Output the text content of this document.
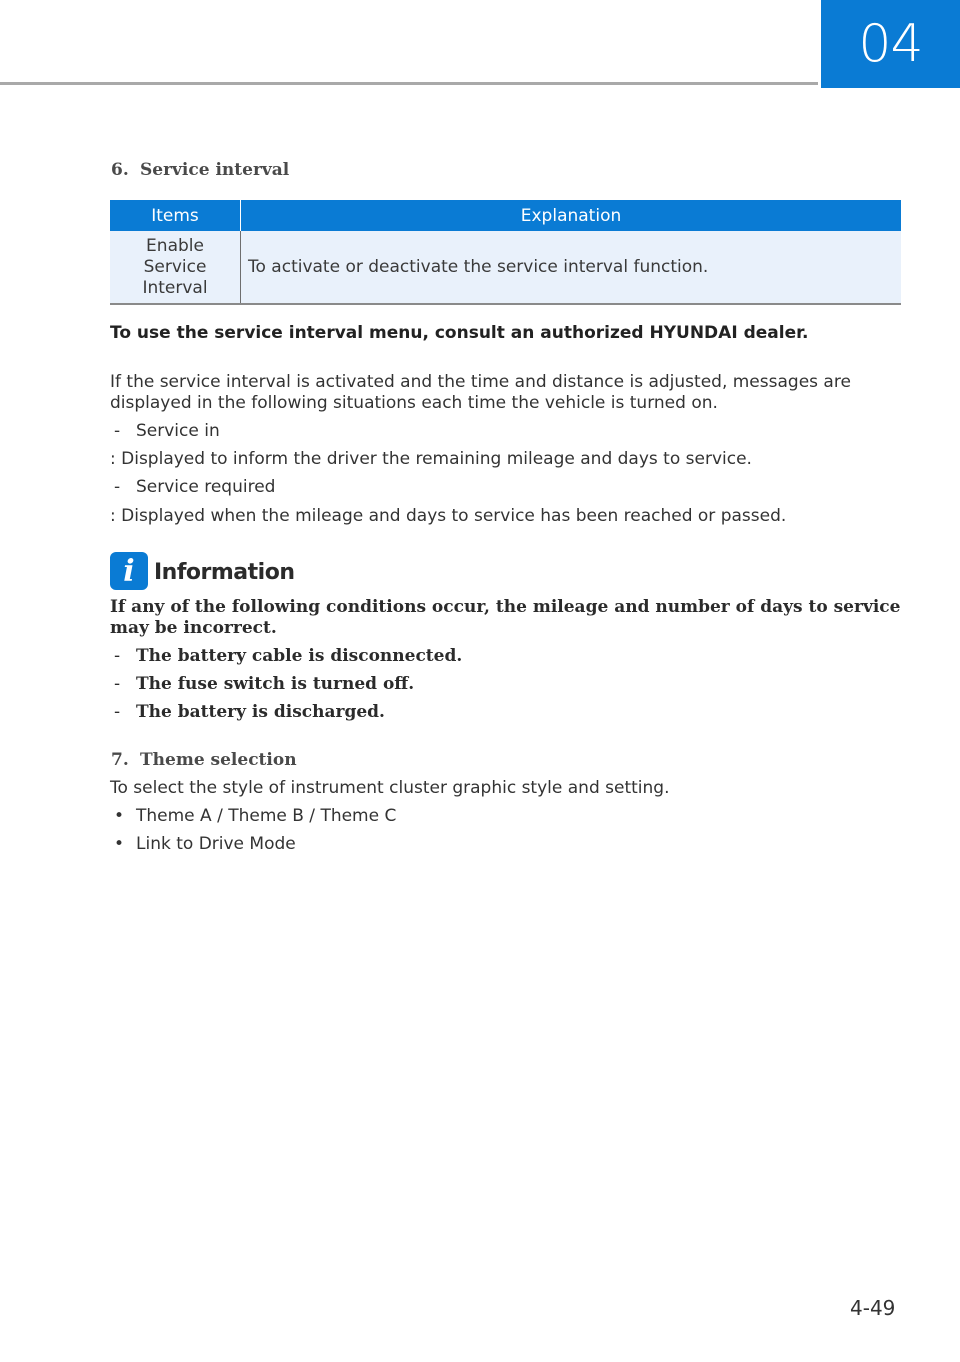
04
6. Service interval
Items	Explanation
Enable
Service
Interval	To activate or deactivate the service interval function.
To use the service interval menu, consult an authorized HYUNDAI dealer.
If the service interval is activated and the time and distance is adjusted, messages are displayed in the following situations each time the vehicle is turned on.
- Service in
: Displayed to inform the driver the remaining mileage and days to service.
- Service required
: Displayed when the mileage and days to service has been reached or passed.
i Information
If any of the following conditions occur, the mileage and number of days to service may be incorrect.
- The battery cable is disconnected.
- The fuse switch is turned off.
- The battery is discharged.
7. Theme selection
To select the style of instrument cluster graphic style and setting.
• Theme A / Theme B / Theme C
• Link to Drive Mode
4-49
